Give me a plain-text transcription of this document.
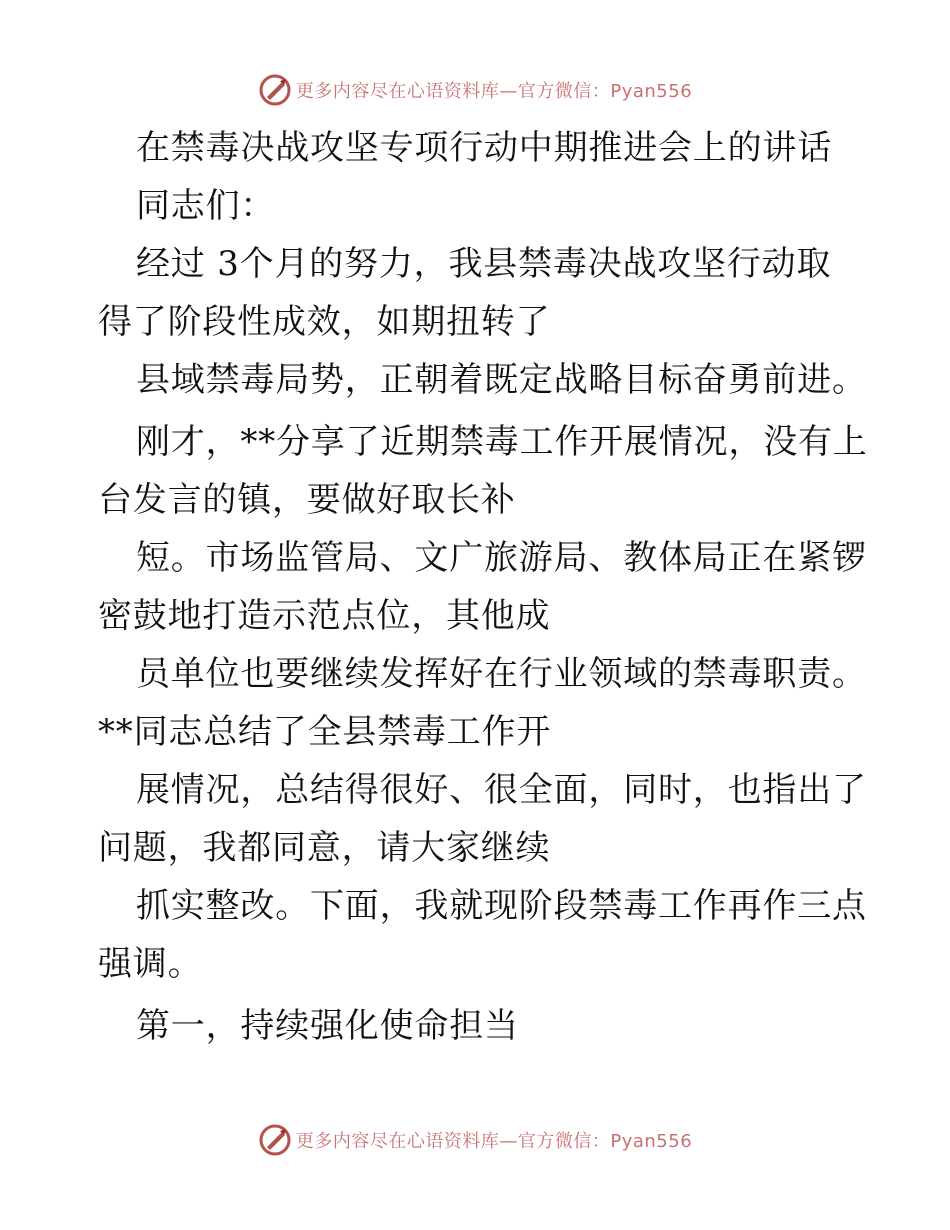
更多内容尽在心语资料库—官方微信：Pyan556
在禁毒决战攻坚专项行动中期推进会上的讲话
同志们：
经过 3个月的努力，我县禁毒决战攻坚行动取
得了阶段性成效，如期扭转了
县域禁毒局势，正朝着既定战略目标奋勇前进。
刚才，**分享了近期禁毒工作开展情况，没有上
台发言的镇，要做好取长补
短。市场监管局、文广旅游局、教体局正在紧锣
密鼓地打造示范点位，其他成
员单位也要继续发挥好在行业领域的禁毒职责。
**同志总结了全县禁毒工作开
展情况，总结得很好、很全面，同时，也指出了
问题，我都同意，请大家继续
抓实整改。下面，我就现阶段禁毒工作再作三点
强调。
第一，持续强化使命担当
更多内容尽在心语资料库—官方微信：Pyan556
